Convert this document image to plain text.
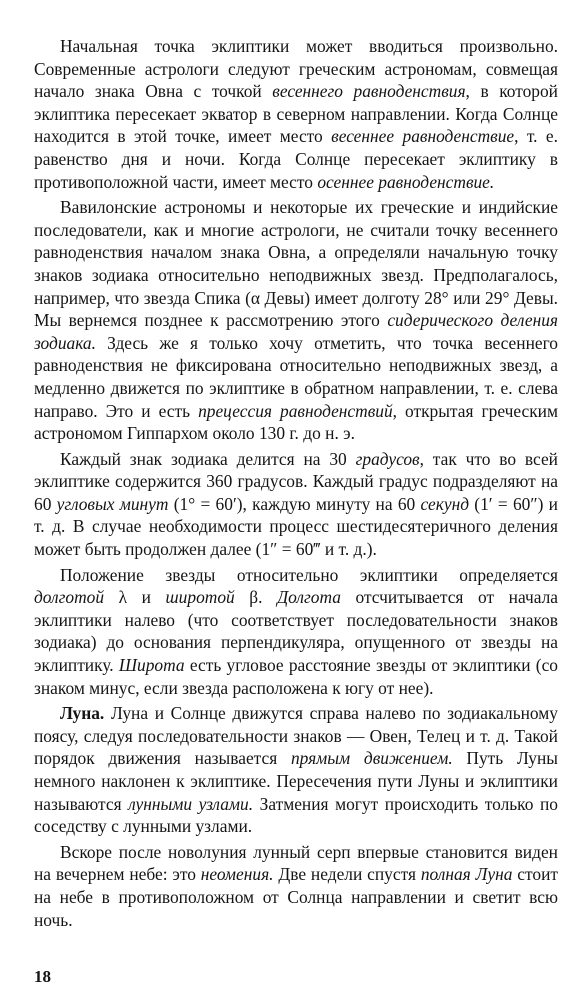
Начальная точка эклиптики может вводиться произвольно. Современные астрологи следуют греческим астрономам, совмещая начало знака Овна с точкой весеннего равноденствия, в которой эклиптика пересекает экватор в северном направлении. Когда Солнце находится в этой точке, имеет место весеннее равноденствие, т. е. равенство дня и ночи. Когда Солнце пересекает эклиптику в противоположной части, имеет место осеннее равноденствие.

Вавилонские астрономы и некоторые их греческие и индийские последователи, как и многие астрологи, не считали точку весеннего равноденствия началом знака Овна, а определяли начальную точку знаков зодиака относительно неподвижных звезд. Предполагалось, например, что звезда Спика (α Девы) имеет долготу 28° или 29° Девы. Мы вернемся позднее к рассмотрению этого сидерического деления зодиака. Здесь же я только хочу отметить, что точка весеннего равноденствия не фиксирована относительно неподвижных звезд, а медленно движется по эклиптике в обратном направлении, т. е. слева направо. Это и есть прецессия равноденствий, открытая греческим астрономом Гиппархом около 130 г. до н. э.

Каждый знак зодиака делится на 30 градусов, так что во всей эклиптике содержится 360 градусов. Каждый градус подразделяют на 60 угловых минут (1° = 60′), каждую минуту на 60 секунд (1′ = 60″) и т. д. В случае необходимости процесс шестидесятеричного деления может быть продолжен далее (1″ = 60‴ и т. д.).

Положение звезды относительно эклиптики определяется долготой λ и широтой β. Долгота отсчитывается от начала эклиптики налево (что соответствует последовательности знаков зодиака) до основания перпендикуляра, опущенного от звезды на эклиптику. Широта есть угловое расстояние звезды от эклиптики (со знаком минус, если звезда расположена к югу от нее).

Луна. Луна и Солнце движутся справа налево по зодиакальному поясу, следуя последовательности знаков — Овен, Телец и т. д. Такой порядок движения называется прямым движением. Путь Луны немного наклонен к эклиптике. Пересечения пути Луны и эклиптики называются лунными узлами. Затмения могут происходить только по соседству с лунными узлами.

Вскоре после новолуния лунный серп впервые становится виден на вечернем небе: это неомения. Две недели спустя полная Луна стоит на небе в противоположном от Солнца направлении и светит всю ночь.

18
